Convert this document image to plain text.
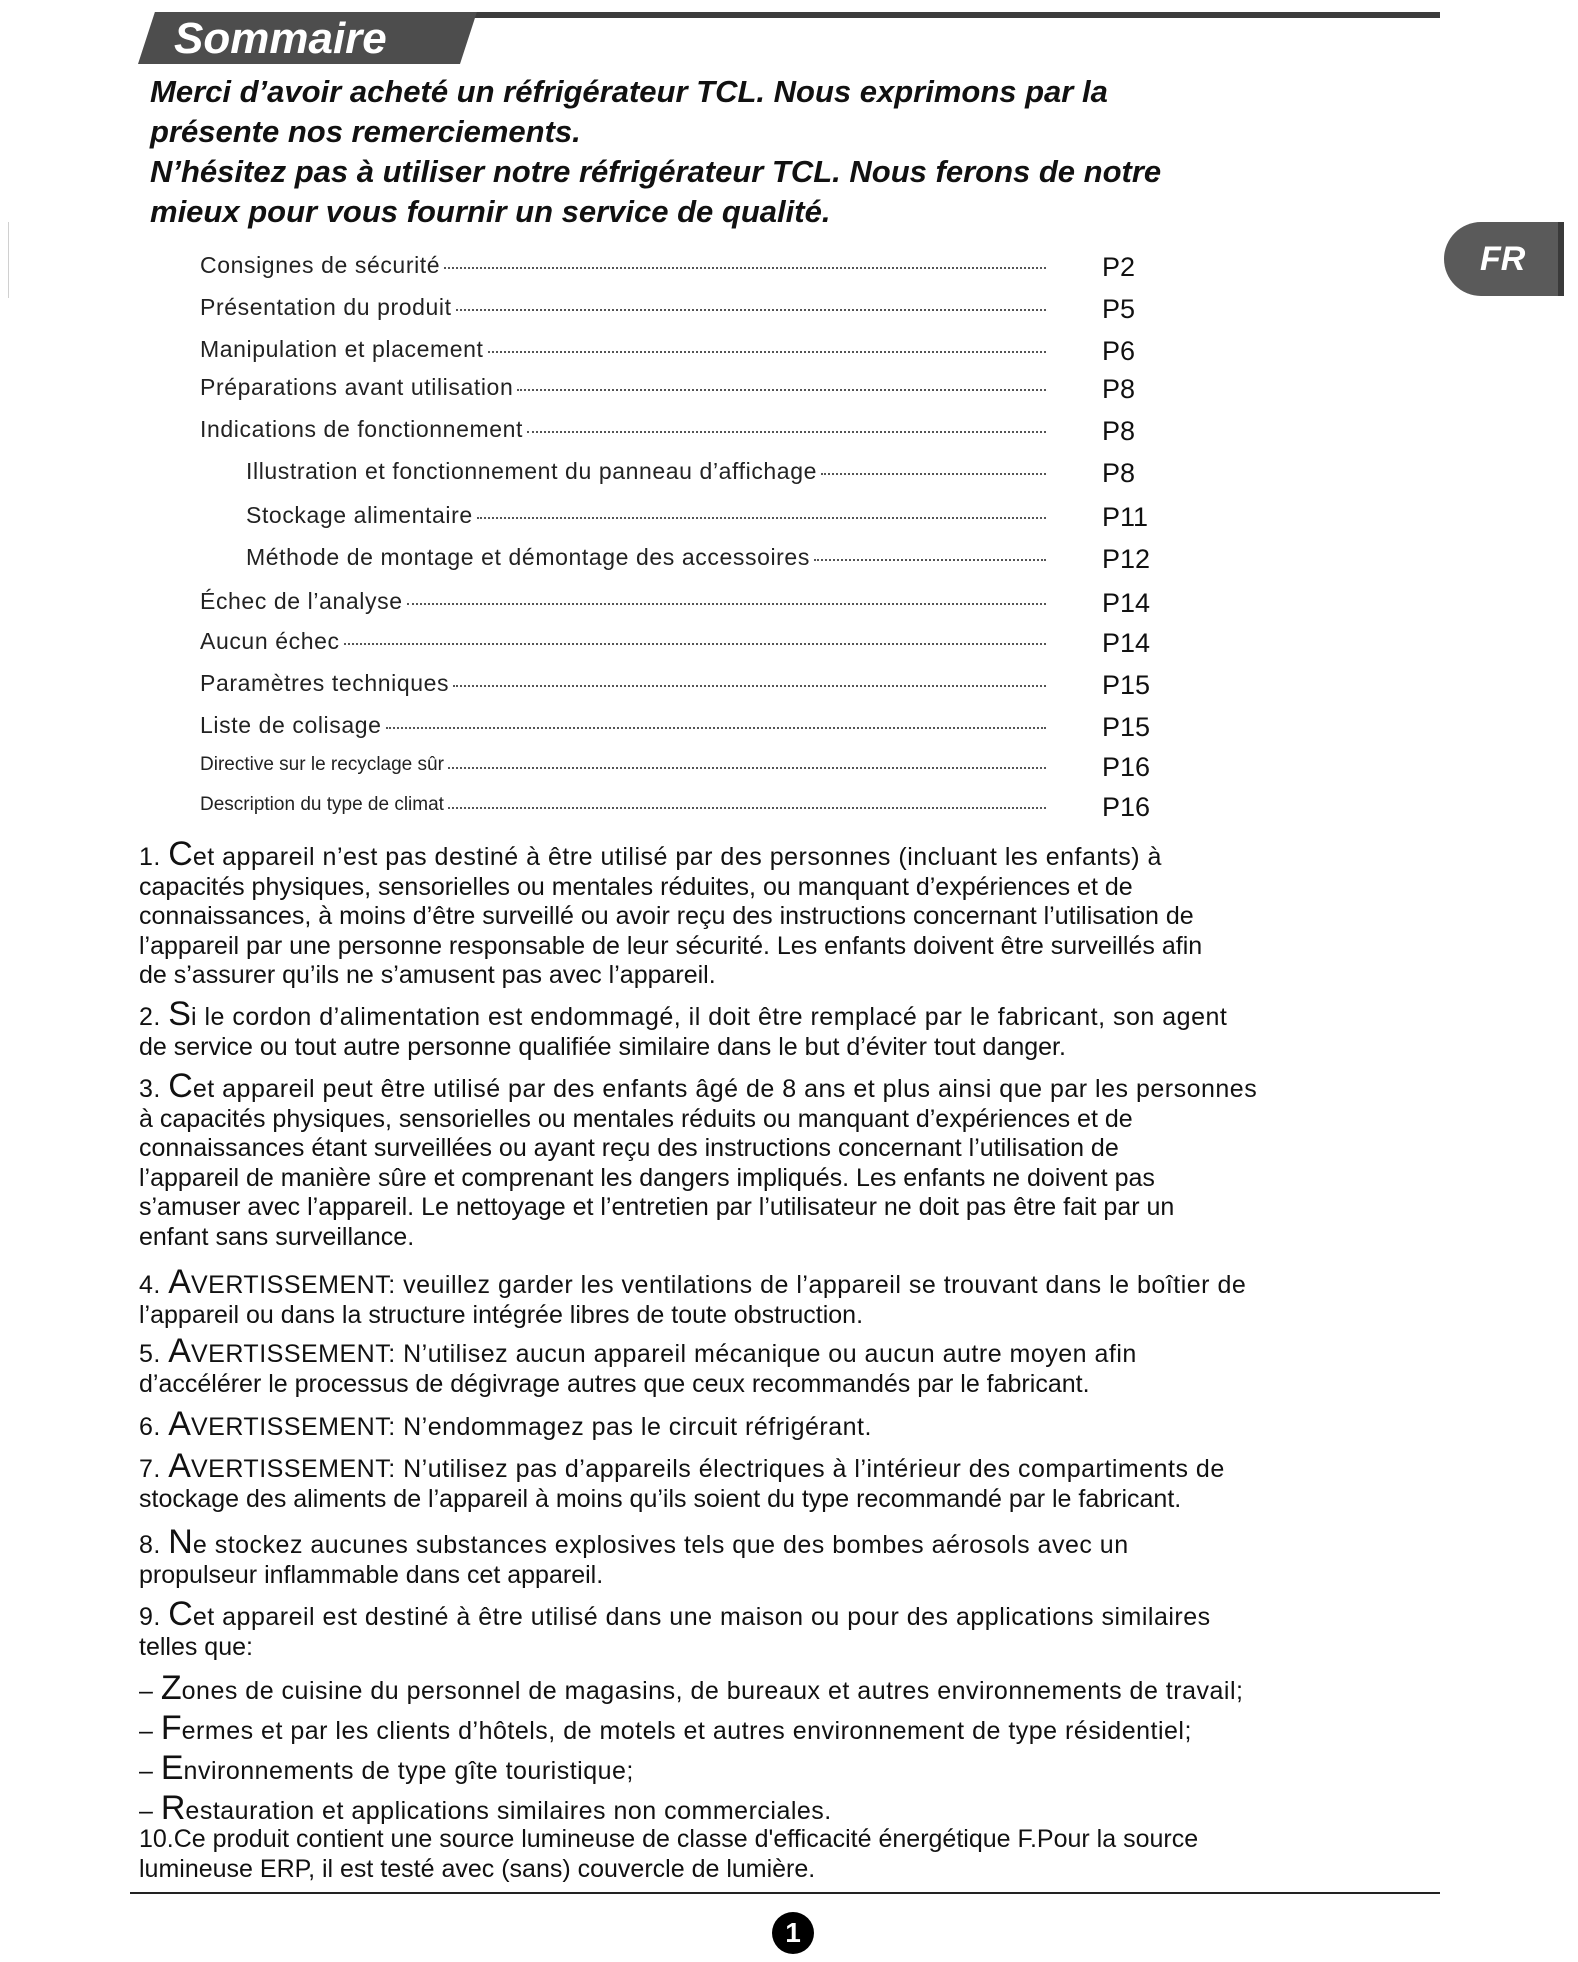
Sommaire
FR

Merci d’avoir acheté un réfrigérateur TCL. Nous exprimons par la

présente nos remerciements.

N’hésitez pas à utiliser notre réfrigérateur TCL. Nous ferons de notre

mieux pour vous fournir un service de qualité.

Consignes de sécurité	P2
Présentation du produit	P5
Manipulation et placement	P6
Préparations avant utilisation	P8
Indications de fonctionnement	P8
Illustration et fonctionnement du panneau d’affichage	P8
Stockage alimentaire	P11
Méthode de montage et démontage des accessoires	P12
Échec de l’analyse	P14
Aucun échec	P14
Paramètres techniques	P15
Liste de colisage	P15
Directive sur le recyclage sûr	P16
Description du type de climat	P16
1. Cet appareil n’est pas destiné à être utilisé par des personnes (incluant les enfants) à
capacités physiques, sensorielles ou mentales réduites, ou manquant d’expériences et de
connaissances, à moins d’être surveillé ou avoir reçu des instructions concernant l’utilisation de
l’appareil par une personne responsable de leur sécurité. Les enfants doivent être surveillés afin
de s’assurer qu’ils ne s’amusent pas avec l’appareil.
2. Si le cordon d’alimentation est endommagé, il doit être remplacé par le fabricant, son agent
de service ou tout autre personne qualifiée similaire dans le but d’éviter tout danger.
3. Cet appareil peut être utilisé par des enfants âgé de 8 ans et plus ainsi que par les personnes
à capacités physiques, sensorielles ou mentales réduits ou manquant d’expériences et de
connaissances étant surveillées ou ayant reçu des instructions concernant l’utilisation de
l’appareil de manière sûre et comprenant les dangers impliqués. Les enfants ne doivent pas
s’amuser avec l’appareil. Le nettoyage et l’entretien par l’utilisateur ne doit pas être fait par un
enfant sans surveillance.
4. AVERTISSEMENT: veuillez garder les ventilations de l’appareil se trouvant dans le boîtier de
l’appareil ou dans la structure intégrée libres de toute obstruction.
5. AVERTISSEMENT: N’utilisez aucun appareil mécanique ou aucun autre moyen afin
d’accélérer le processus de dégivrage autres que ceux recommandés par le fabricant.
6. AVERTISSEMENT: N’endommagez pas le circuit réfrigérant.
7. AVERTISSEMENT: N’utilisez pas d’appareils électriques à l’intérieur des compartiments de
stockage des aliments de l’appareil à moins qu’ils soient du type recommandé par le fabricant.
8. Ne stockez aucunes substances explosives tels que des bombes aérosols avec un
propulseur inflammable dans cet appareil.
9. Cet appareil est destiné à être utilisé dans une maison ou pour des applications similaires
telles que:
– Zones de cuisine du personnel de magasins, de bureaux et autres environnements de travail;
– Fermes et par les clients d’hôtels, de motels et autres environnement de type résidentiel;
– Environnements de type gîte touristique;
– Restauration et applications similaires non commerciales.
10.Ce produit contient une source lumineuse de classe d'efficacité énergétique F.Pour la source
lumineuse ERP, il est testé avec (sans) couvercle de lumière.
1
